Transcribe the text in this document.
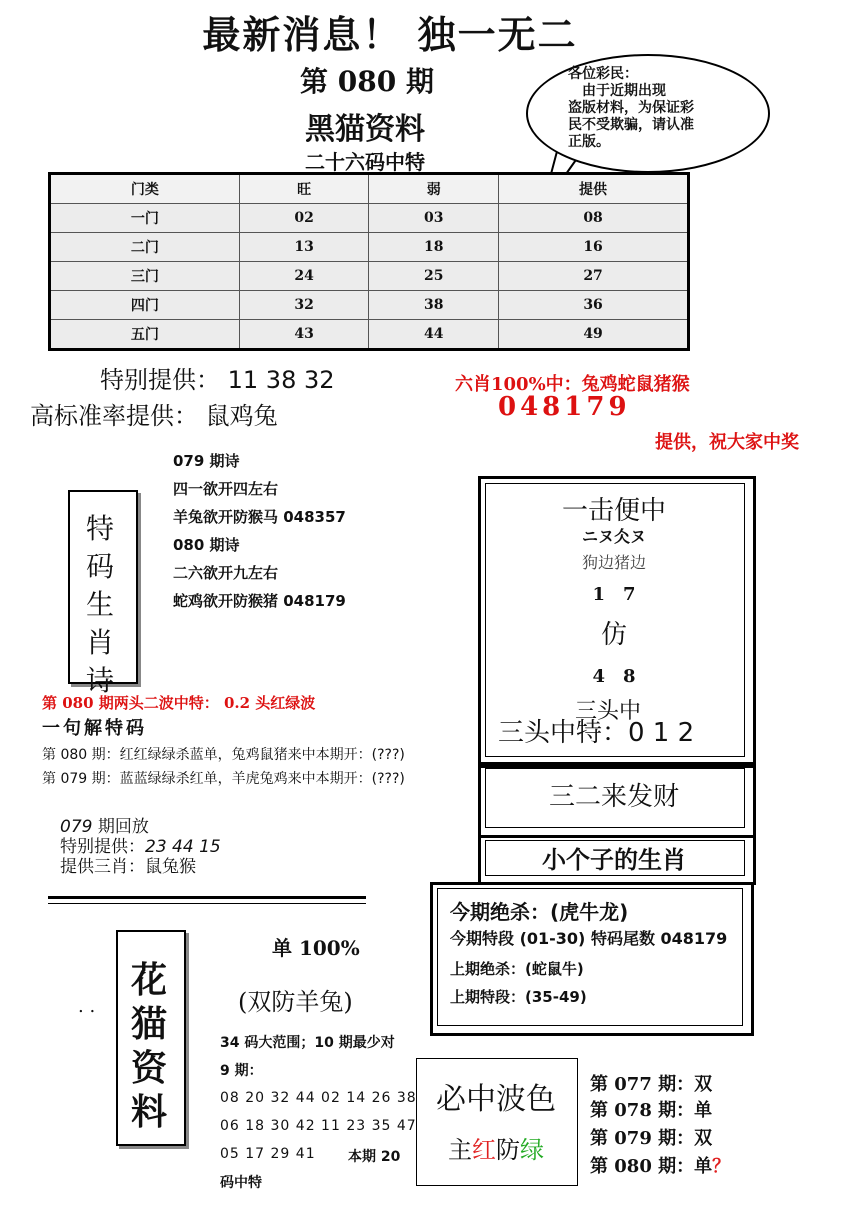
最新消息！ 独一无二
第 080 期
黑猫资料
二十六码中特
各位彩民：
　由于近期出现
盗版材料，为保证彩
民不受欺骗，请认准
正版。
门类	旺	弱	提供
一门	02	03	08
二门	13	18	16
三门	24	25	27
四门	32	38	36
五门	43	44	49
特别提供： 11 38 32
高标准率提供： 鼠鸡兔
六肖100%中：兔鸡蛇鼠猪猴
048179
提供，祝大家中奖
特
码
生
肖
诗
079 期诗
四一欲开四左右
羊兔欲开防猴马 048357
080 期诗
二六欲开九左右
蛇鸡欲开防猴猪 048179
一击便中
ニヌ仌ヌ
狗边猪边
1　7
仿
4　8
三头中
三头中特：0 1 2
三二来发财
小个子的生肖
第 080 期两头二波中特： 0.2 头红绿波
一句解特码
第 080 期：红红绿绿杀蓝单，兔鸡鼠猪来中本期开：(???)
第 079 期：蓝蓝绿绿杀红单，羊虎兔鸡来中本期开：(???)
079 期回放
特别提供：23 44 15
提供三肖：鼠兔猴
今期绝杀：(虎牛龙)
今期特段 (01-30) 特码尾数 048179
上期绝杀：(蛇鼠牛)
上期特段：(35-49)
. .
花
猫
资
料
单 100%
(双防羊兔)
34 码大范围；10 期最少对
9 期：
08 20 32 44 02 14 26 38
06 18 30 42 11 23 35 47
05 17 29 41 本期 20
码中特
必中波色
主红防绿
第 077 期：双
第 078 期：单
第 079 期：双
第 080 期：单？
